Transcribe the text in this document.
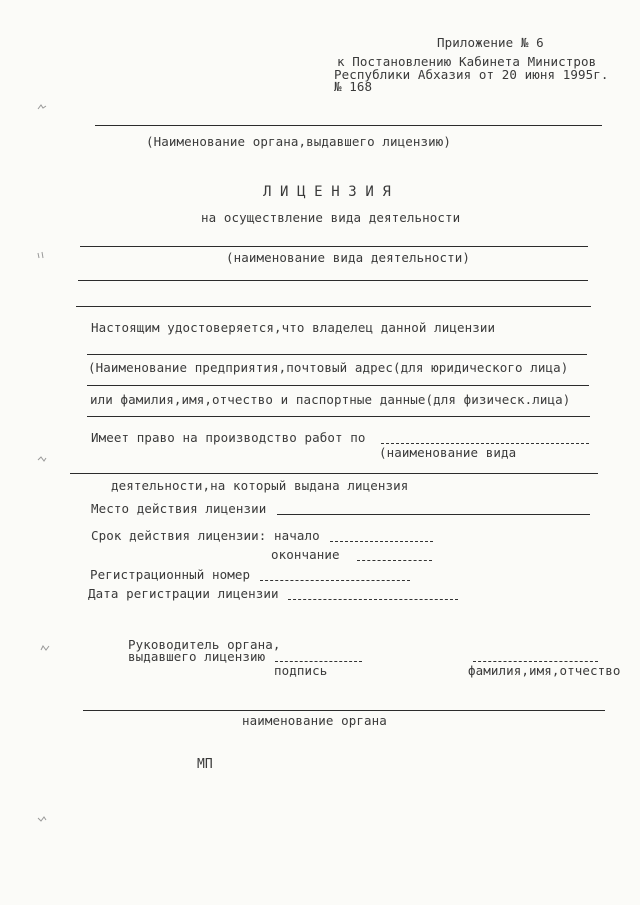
Приложение № 6
к Постановлению Кабинета Министров
Республики Абхазия от 20 июня 1995г.
№ 168
(Наименование органа,выдавшего лицензию)
Л И Ц Е Н З И Я
на осуществление вида деятельности
(наименование вида деятельности)
Настоящим удостоверяется,что владелец данной лицензии
(Наименование предприятия,почтовый адрес(для юридического лица)
или фамилия,имя,отчество и паспортные данные(для физическ.лица)
Имеет право на производство работ по
(наименование вида
деятельности,на который выдана лицензия
Место действия лицензии
Срок действия лицензии: начало
окончание
Регистрационный номер
Дата регистрации лицензии
Руководитель органа,
выдавшего лицензию
подпись	фамилия,имя,отчество
наименование органа
МП
